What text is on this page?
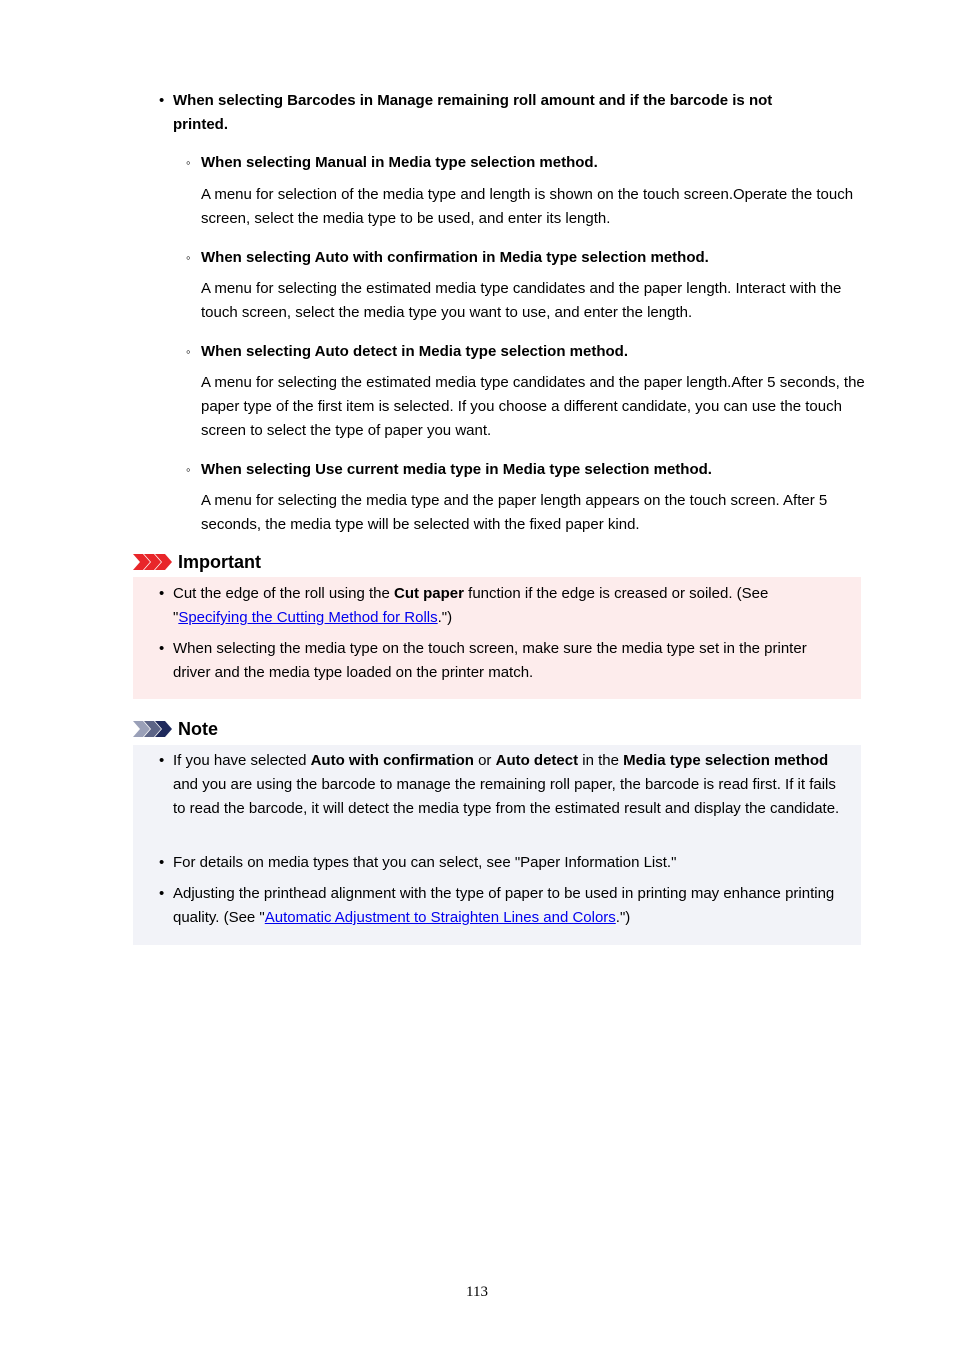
• When selecting Barcodes in Manage remaining roll amount and if the barcode is not printed.
◦ When selecting Manual in Media type selection method.
A menu for selection of the media type and length is shown on the touch screen.Operate the touch screen, select the media type to be used, and enter its length.
◦ When selecting Auto with confirmation in Media type selection method.
A menu for selecting the estimated media type candidates and the paper length. Interact with the touch screen, select the media type you want to use, and enter the length.
◦ When selecting Auto detect in Media type selection method.
A menu for selecting the estimated media type candidates and the paper length.After 5 seconds, the paper type of the first item is selected. If you choose a different candidate, you can use the touch screen to select the type of paper you want.
◦ When selecting Use current media type in Media type selection method.
A menu for selecting the media type and the paper length appears on the touch screen. After 5 seconds, the media type will be selected with the fixed paper kind.
Important
• Cut the edge of the roll using the Cut paper function if the edge is creased or soiled. (See "Specifying the Cutting Method for Rolls.")
• When selecting the media type on the touch screen, make sure the media type set in the printer driver and the media type loaded on the printer match.
Note
• If you have selected Auto with confirmation or Auto detect in the Media type selection method and you are using the barcode to manage the remaining roll paper, the barcode is read first. If it fails to read the barcode, it will detect the media type from the estimated result and display the candidate.
• For details on media types that you can select, see "Paper Information List."
• Adjusting the printhead alignment with the type of paper to be used in printing may enhance printing quality. (See "Automatic Adjustment to Straighten Lines and Colors.")
113
